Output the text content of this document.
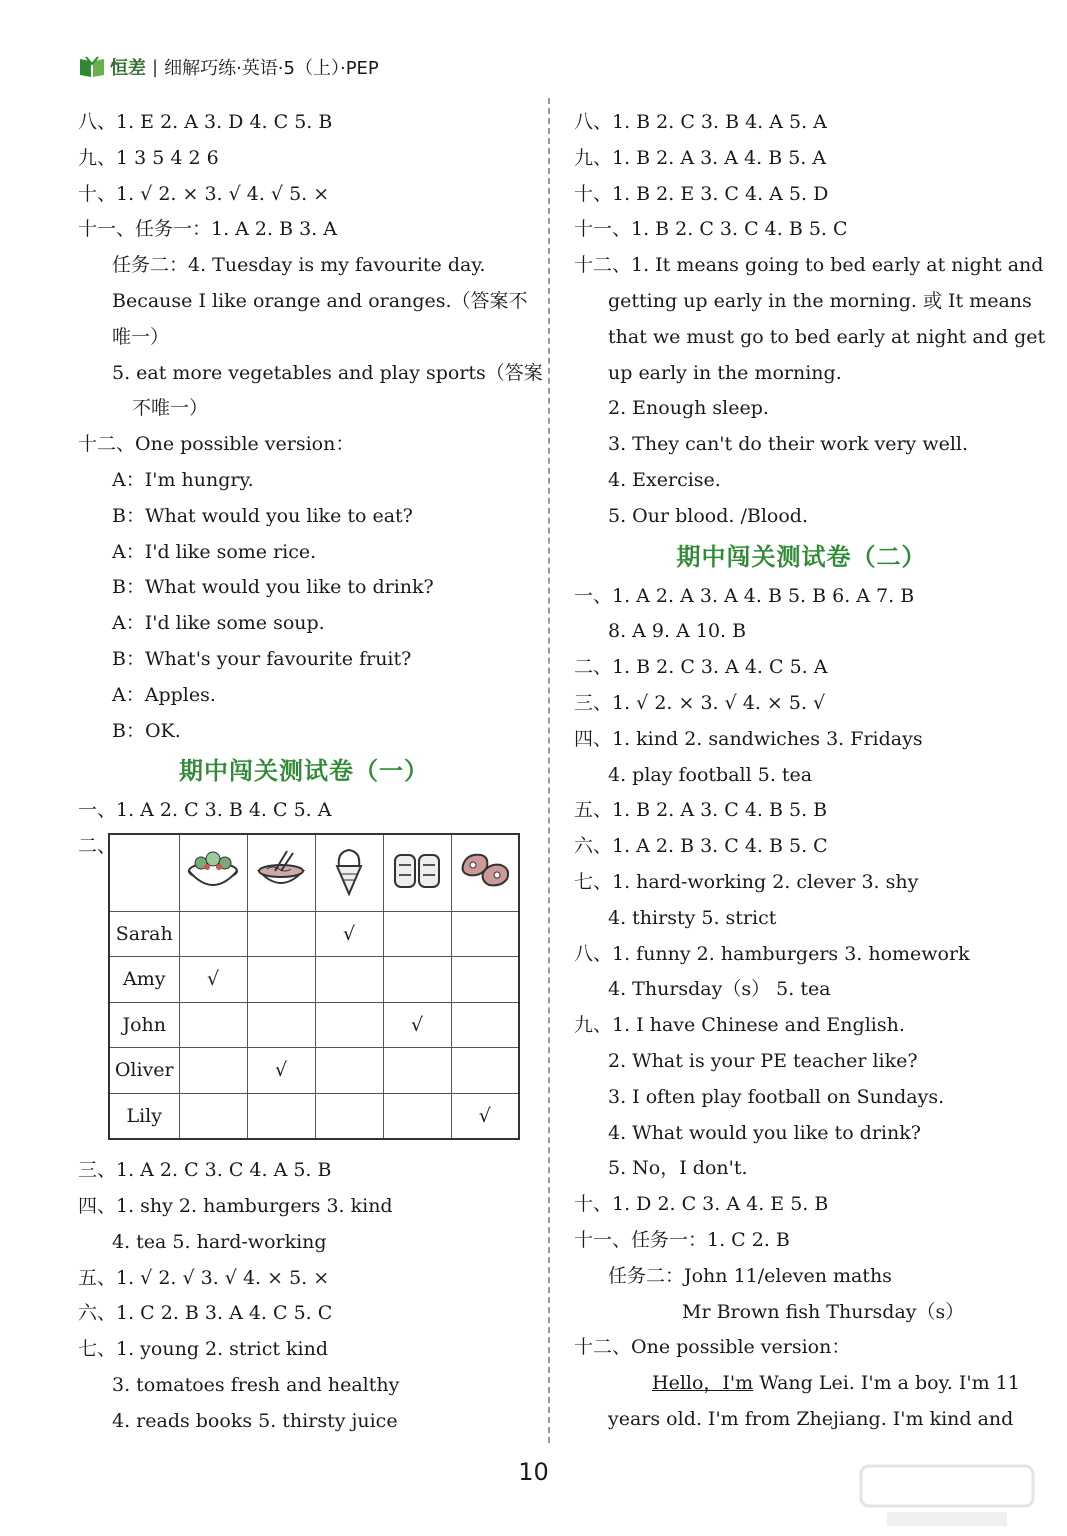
恒差 | 细解巧练·英语·5（上）·PEP
八、1. E 2. A 3. D 4. C 5. B
九、1 3 5 4 2 6
十、1. √ 2. × 3. √ 4. √ 5. ×
十一、任务一：1. A 2. B 3. A
任务二：4. Tuesday is my favourite day.
Because I like orange and oranges.（答案不
唯一）
5. eat more vegetables and play sports（答案
不唯一）
十二、One possible version：
A：I'm hungry.
B：What would you like to eat?
A：I'd like some rice.
B：What would you like to drink?
A：I'd like some soup.
B：What's your favourite fruit?
A：Apples.
B：OK.
期中闯关测试卷（一）
一、1. A 2. C 3. B 4. C 5. A
二、

Sarah			√		
Amy	√				
John				√	
Oliver		√			
Lily					√
三、1. A 2. C 3. C 4. A 5. B
四、1. shy 2. hamburgers 3. kind
4. tea 5. hard-working
五、1. √ 2. √ 3. √ 4. × 5. ×
六、1. C 2. B 3. A 4. C 5. C
七、1. young 2. strict kind
3. tomatoes fresh and healthy
4. reads books 5. thirsty juice
八、1. B 2. C 3. B 4. A 5. A
九、1. B 2. A 3. A 4. B 5. A
十、1. B 2. E 3. C 4. A 5. D
十一、1. B 2. C 3. C 4. B 5. C
十二、1. It means going to bed early at night and
getting up early in the morning. 或 It means
that we must go to bed early at night and get
up early in the morning.
2. Enough sleep.
3. They can't do their work very well.
4. Exercise.
5. Our blood. /Blood.
期中闯关测试卷（二）
一、1. A 2. A 3. A 4. B 5. B 6. A 7. B
8. A 9. A 10. B
二、1. B 2. C 3. A 4. C 5. A
三、1. √ 2. × 3. √ 4. × 5. √
四、1. kind 2. sandwiches 3. Fridays
4. play football 5. tea
五、1. B 2. A 3. C 4. B 5. B
六、1. A 2. B 3. C 4. B 5. C
七、1. hard-working 2. clever 3. shy
4. thirsty 5. strict
八、1. funny 2. hamburgers 3. homework
4. Thursday（s） 5. tea
九、1. I have Chinese and English.
2. What is your PE teacher like?
3. I often play football on Sundays.
4. What would you like to drink?
5. No，I don't.
十、1. D 2. C 3. A 4. E 5. B
十一、任务一：1. C 2. B
任务二：John 11/eleven maths
Mr Brown fish Thursday（s）
十二、One possible version：
Hello，I'm Wang Lei. I'm a boy. I'm 11
years old. I'm from Zhejiang. I'm kind and
10
